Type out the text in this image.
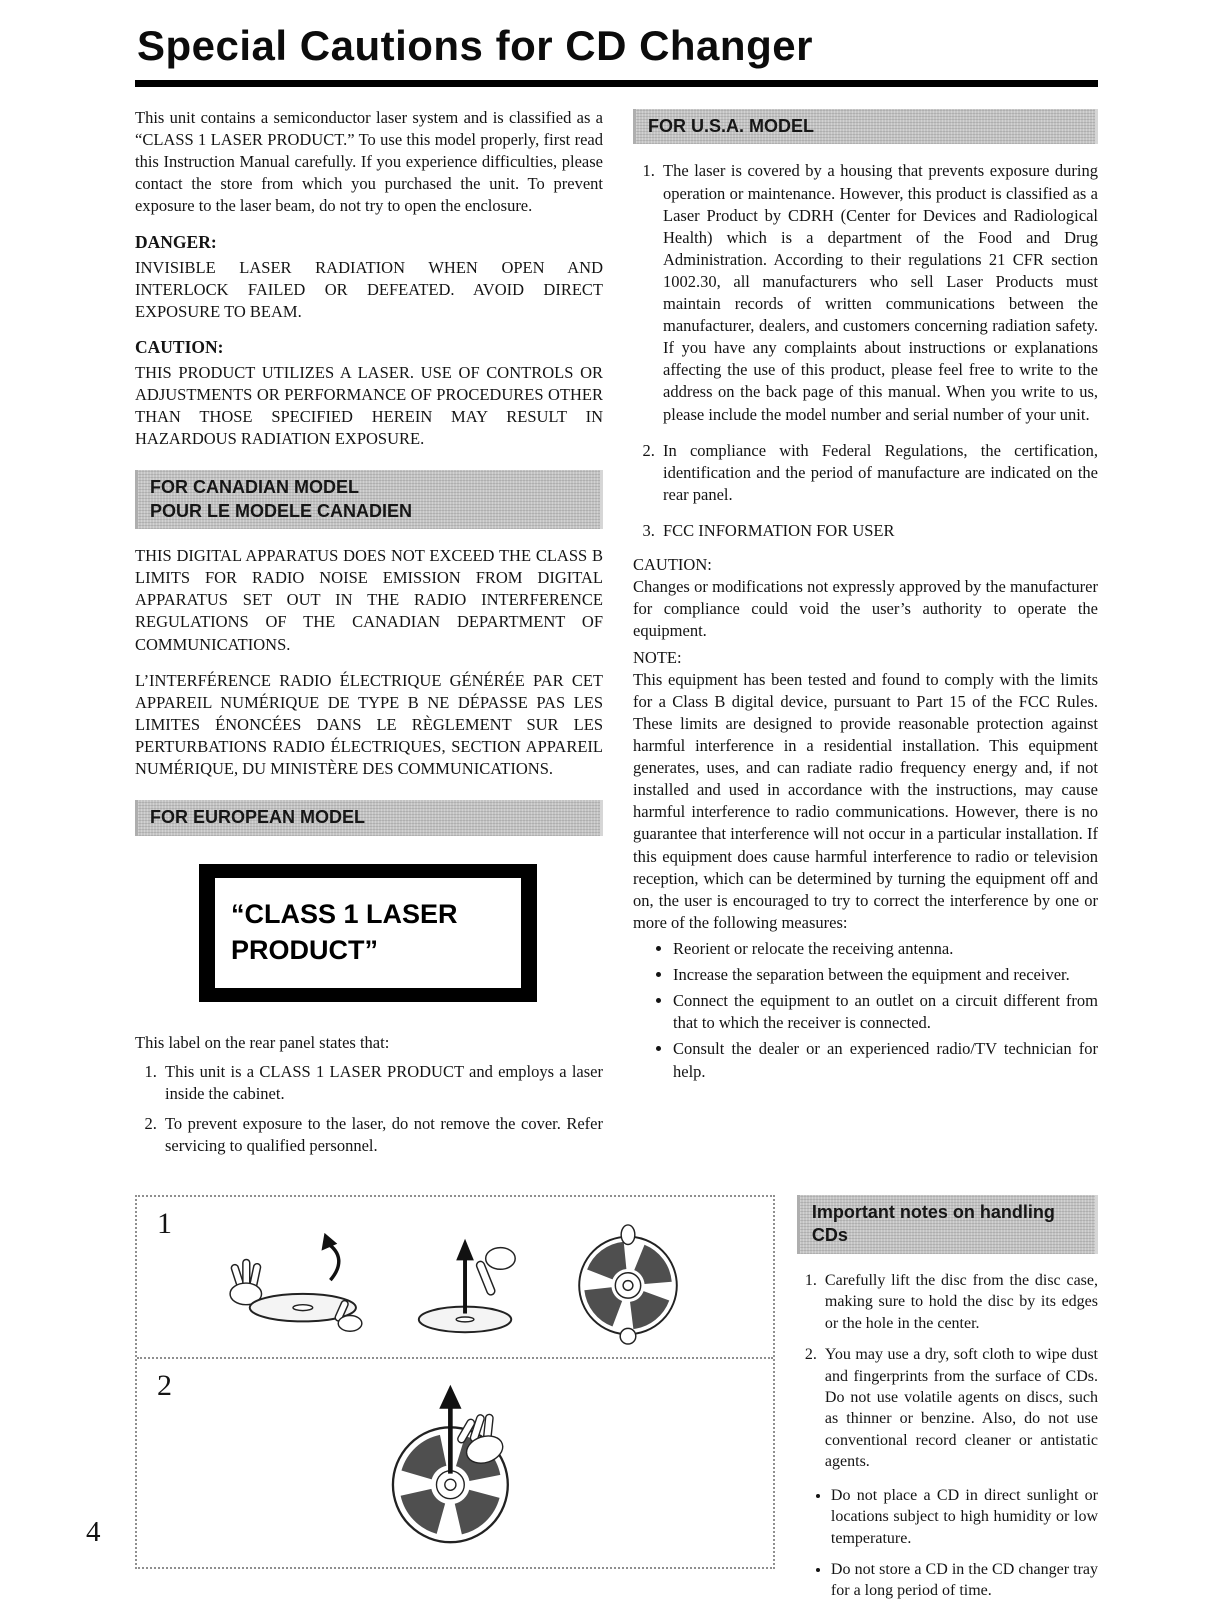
Special Cautions for CD Changer

This unit contains a semiconductor laser system and is classified as a “CLASS 1 LASER PRODUCT.” To use this model properly, first read this Instruction Manual carefully. If you experience difficulties, please contact the store from which you purchased the unit. To prevent exposure to the laser beam, do not try to open the enclosure.

DANGER:

INVISIBLE LASER RADIATION WHEN OPEN AND INTERLOCK FAILED OR DEFEATED. AVOID DIRECT EXPOSURE TO BEAM.

CAUTION:

THIS PRODUCT UTILIZES A LASER. USE OF CONTROLS OR ADJUSTMENTS OR PERFORMANCE OF PROCEDURES OTHER THAN THOSE SPECIFIED HEREIN MAY RESULT IN HAZARDOUS RADIATION EXPOSURE.

FOR CANADIAN MODEL
POUR LE MODELE CANADIEN

THIS DIGITAL APPARATUS DOES NOT EXCEED THE CLASS B LIMITS FOR RADIO NOISE EMISSION FROM DIGITAL APPARATUS SET OUT IN THE RADIO INTERFERENCE REGULATIONS OF THE CANADIAN DEPARTMENT OF COMMUNICATIONS.

L’INTERFÉRENCE RADIO ÉLECTRIQUE GÉNÉRÉE PAR CET APPAREIL NUMÉRIQUE DE TYPE B NE DÉPASSE PAS LES LIMITES ÉNONCÉES DANS LE RÈGLEMENT SUR LES PERTURBATIONS RADIO ÉLECTRIQUES, SECTION APPAREIL NUMÉRIQUE, DU MINISTÈRE DES COMMUNICATIONS.

FOR EUROPEAN MODEL
“CLASS 1 LASER
PRODUCT”

This label on the rear panel states that:

1. This unit is a CLASS 1 LASER PRODUCT and employs a laser inside the cabinet.
2. To prevent exposure to the laser, do not remove the cover. Refer servicing to qualified personnel.
FOR U.S.A. MODEL
1. The laser is covered by a housing that prevents exposure during operation or maintenance. However, this product is classified as a Laser Product by CDRH (Center for Devices and Radiological Health) which is a department of the Food and Drug Administration. According to their regulations 21 CFR section 1002.30, all manufacturers who sell Laser Products must maintain records of written communications between the manufacturer, dealers, and customers concerning radiation safety. If you have any complaints about instructions or explanations affecting the use of this product, please feel free to write to the address on the back page of this manual. When you write to us, please include the model number and serial number of your unit.
2. In compliance with Federal Regulations, the certification, identification and the period of manufacture are indicated on the rear panel.
3. FCC INFORMATION FOR USER
CAUTION:

Changes or modifications not expressly approved by the manufacturer for compliance could void the user’s authority to operate the equipment.

NOTE:

This equipment has been tested and found to comply with the limits for a Class B digital device, pursuant to Part 15 of the FCC Rules. These limits are designed to provide reasonable protection against harmful interference in a residential installation. This equipment generates, uses, and can radiate radio frequency energy and, if not installed and used in accordance with the instructions, may cause harmful interference to radio communications. However, there is no guarantee that interference will not occur in a particular installation. If this equipment does cause harmful interference to radio or television reception, which can be determined by turning the equipment off and on, the user is encouraged to try to correct the interference by one or more of the following measures:

• Reorient or relocate the receiving antenna.
• Increase the separation between the equipment and receiver.
• Connect the equipment to an outlet on a circuit different from that to which the receiver is connected.
• Consult the dealer or an experienced radio/TV technician for help.
1
2
Important notes on handling CDs
1. Carefully lift the disc from the disc case, making sure to hold the disc by its edges or the hole in the center.
2. You may use a dry, soft cloth to wipe dust and fingerprints from the surface of CDs. Do not use volatile agents on discs, such as thinner or benzine. Also, do not use conventional record cleaner or antistatic agents.
• Do not place a CD in direct sunlight or locations subject to high humidity or low temperature.
• Do not store a CD in the CD changer tray for a long period of time.
4
